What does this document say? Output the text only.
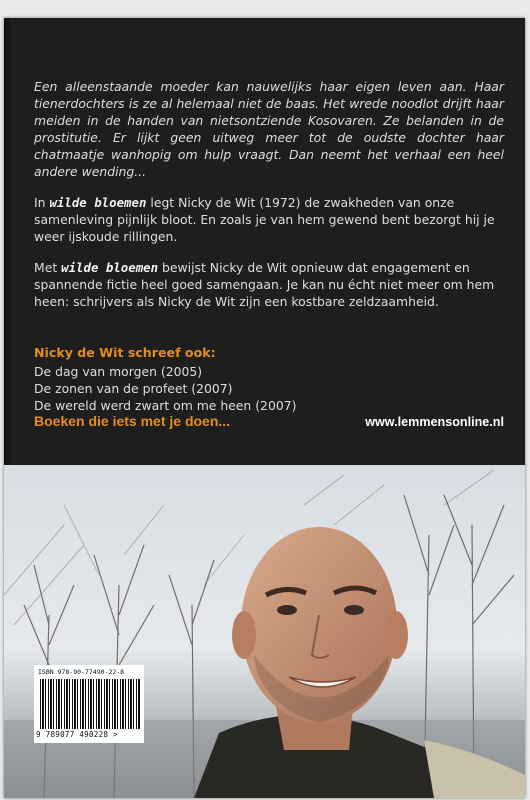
Een alleenstaande moeder kan nauwelijks haar eigen leven aan. Haar tienerdochters is ze al helemaal niet de baas. Het wrede noodlot drijft haar meiden in de handen van nietsontziende Kosovaren. Ze belanden in de prostitutie. Er lijkt geen uitweg meer tot de oudste dochter haar chatmaatje wanhopig om hulp vraagt. Dan neemt het verhaal een heel andere wending...

In wilde bloemen legt Nicky de Wit (1972) de zwakheden van onze samenleving pijnlijk bloot. En zoals je van hem gewend bent bezorgt hij je weer ijskoude rillingen.

Met wilde bloemen bewijst Nicky de Wit opnieuw dat engagement en spannende fictie heel goed samengaan. Je kan nu écht niet meer om hem heen: schrijvers als Nicky de Wit zijn een kostbare zeldzaamheid.

Nicky de Wit schreef ook:

De dag van morgen (2005)

De zonen van de profeet (2007)

De wereld werd zwart om me heen (2007)

Boeken die iets met je doen...	www.lemmensonline.nl
ISBN 978-90-77490-22-8
9 789077 490228 >
